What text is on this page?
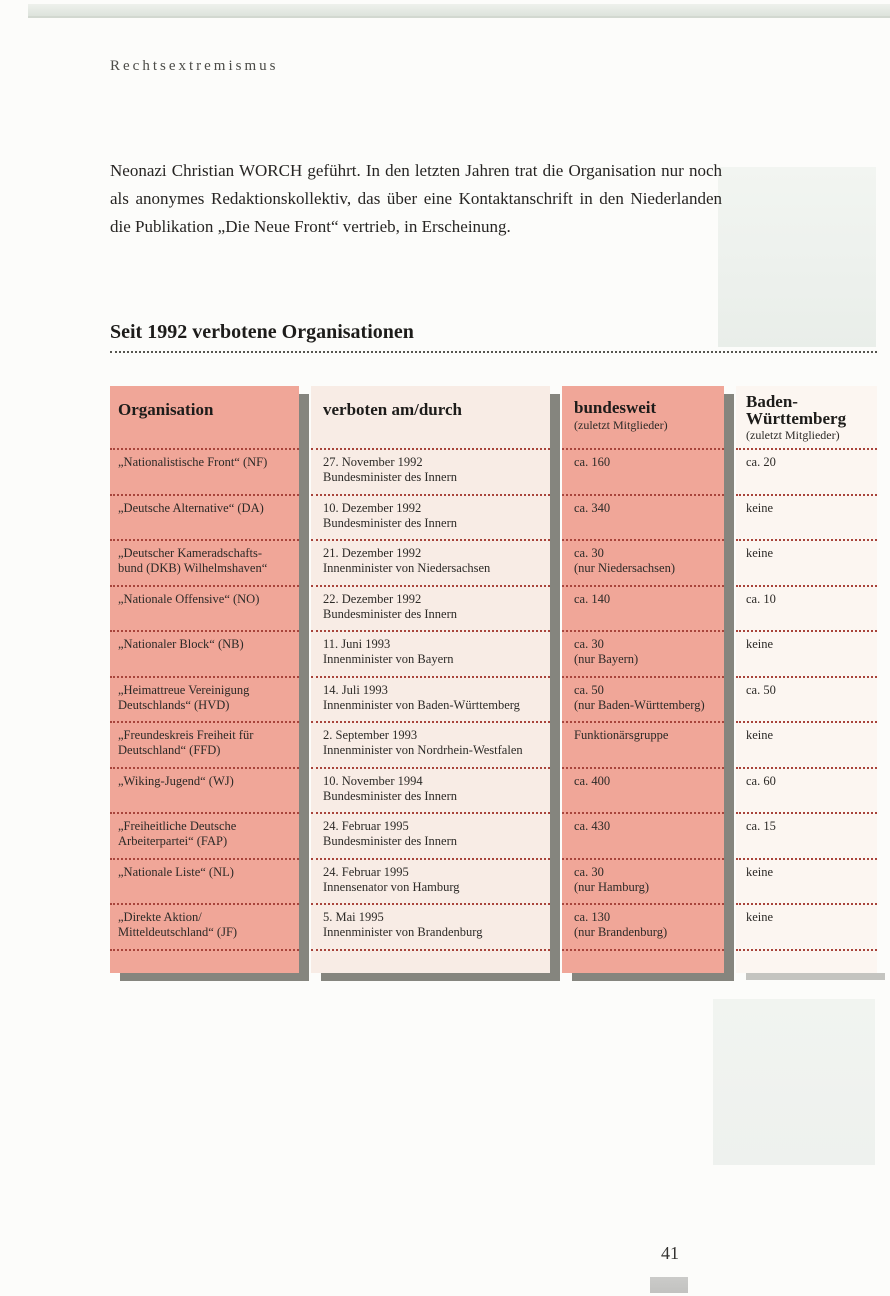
Rechtsextremismus

Neonazi Christian WORCH geführt. In den letzten Jahren trat die Organisation nur noch als anonymes Redaktionskollektiv, das über eine Kontaktanschrift in den Niederlanden die Publikation „Die Neue Front“ vertrieb, in Erscheinung.

Seit 1992 verbotene Organisationen
Organisation
„Nationalistische Front“ (NF)
„Deutsche Alternative“ (DA)
„Deutscher Kameradschafts-
bund (DKB) Wilhelmshaven“
„Nationale Offensive“ (NO)
„Nationaler Block“ (NB)
„Heimattreue Vereinigung
Deutschlands“ (HVD)
„Freundeskreis Freiheit für
Deutschland“ (FFD)
„Wiking-Jugend“ (WJ)
„Freiheitliche Deutsche
Arbeiterpartei“ (FAP)
„Nationale Liste“ (NL)
„Direkte Aktion/
Mitteldeutschland“ (JF)
verboten am/durch
27. November 1992
Bundesminister des Innern
10. Dezember 1992
Bundesminister des Innern
21. Dezember 1992
Innenminister von Niedersachsen
22. Dezember 1992
Bundesminister des Innern
11. Juni 1993
Innenminister von Bayern
14. Juli 1993
Innenminister von Baden-Württemberg
2. September 1993
Innenminister von Nordrhein-Westfalen
10. November 1994
Bundesminister des Innern
24. Februar 1995
Bundesminister des Innern
24. Februar 1995
Innensenator von Hamburg
5. Mai 1995
Innenminister von Brandenburg
bundesweit
(zuletzt Mitglieder)
ca. 160
ca. 340
ca. 30
(nur Niedersachsen)
ca. 140
ca. 30
(nur Bayern)
ca. 50
(nur Baden-Württemberg)
Funktionärsgruppe
ca. 400
ca. 430
ca. 30
(nur Hamburg)
ca. 130
(nur Brandenburg)
Baden-
Württemberg
(zuletzt Mitglieder)
ca. 20
keine
keine
ca. 10
keine
ca. 50
keine
ca. 60
ca. 15
keine
keine
41
